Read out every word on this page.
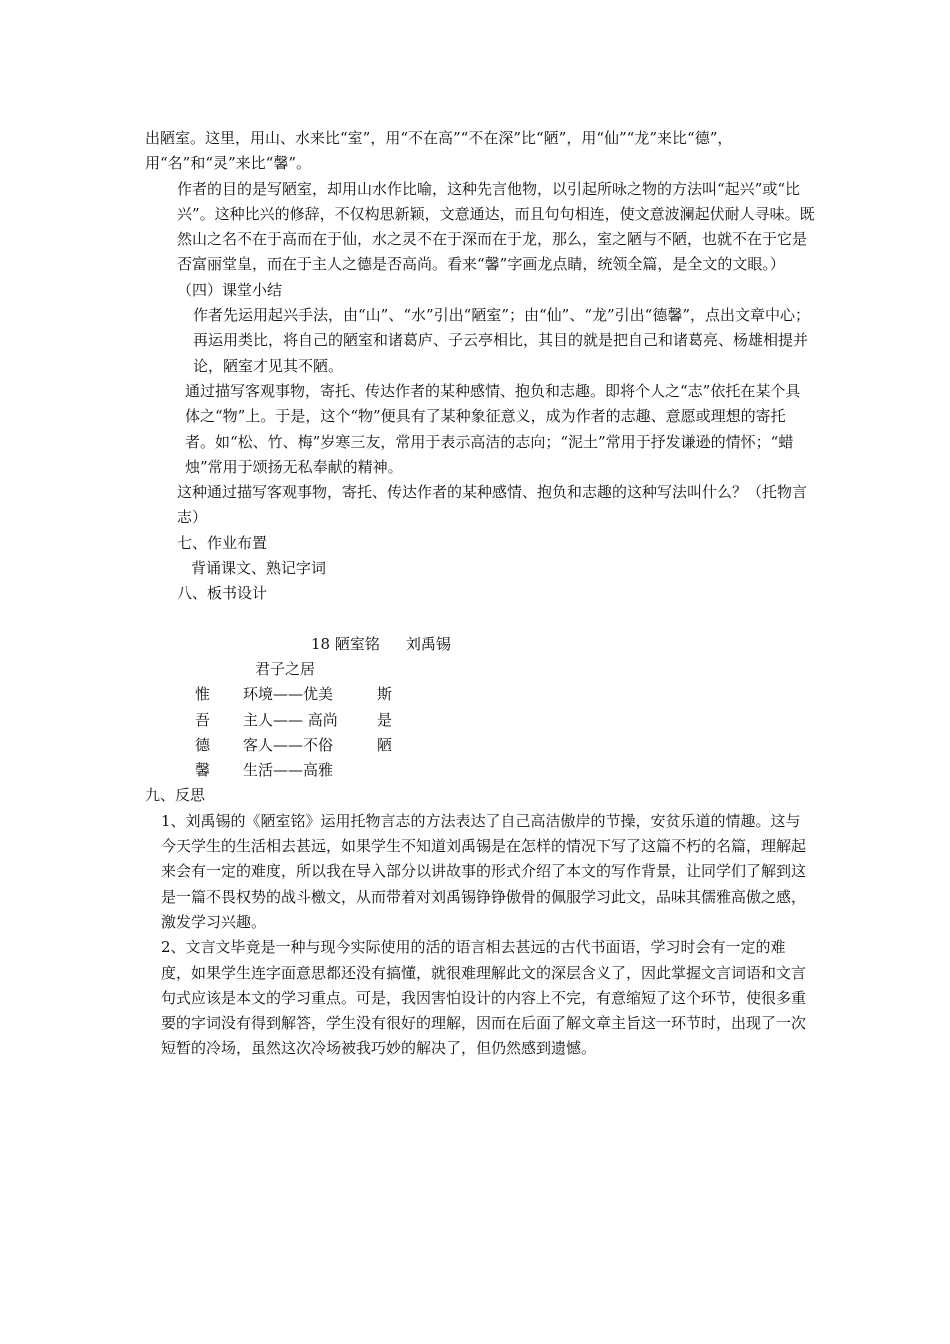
出陋室。这里，用山、水来比“室”，用“不在高”“不在深”比“陋”，用“仙”“龙”来比“德”，用“名”和“灵”来比“馨”。

作者的目的是写陋室，却用山水作比喻，这种先言他物，以引起所咏之物的方法叫“起兴”或“比兴”。这种比兴的修辞，不仅构思新颖，文意通达，而且句句相连，使文意波澜起伏耐人寻味。既然山之名不在于高而在于仙，水之灵不在于深而在于龙，那么，室之陋与不陋，也就不在于它是否富丽堂皇，而在于主人之德是否高尚。看来“馨”字画龙点睛，统领全篇，是全文的文眼。）

（四）课堂小结

作者先运用起兴手法，由“山”、“水”引出“陋室”；由“仙”、“龙”引出“德馨”，点出文章中心；再运用类比，将自己的陋室和诸葛庐、子云亭相比，其目的就是把自己和诸葛亮、杨雄相提并论，陋室才见其不陋。

通过描写客观事物，寄托、传达作者的某种感情、抱负和志趣。即将个人之“志”依托在某个具体之“物”上。于是，这个“物”便具有了某种象征意义，成为作者的志趣、意愿或理想的寄托者。如“松、竹、梅”岁寒三友，常用于表示高洁的志向；“泥土”常用于抒发谦逊的情怀；“蜡烛”常用于颂扬无私奉献的精神。

这种通过描写客观事物，寄托、传达作者的某种感情、抱负和志趣的这种写法叫什么？（托物言志）

七、作业布置

背诵课文、熟记字词

八、板书设计

18 陋室铭 刘禹锡

君子之居

惟	环境——优美	斯
吾	主人—— 高尚	是
德	客人——不俗	陋
馨	生活——高雅

九、反思

1、刘禹锡的《陋室铭》运用托物言志的方法表达了自己高洁傲岸的节操，安贫乐道的情趣。这与今天学生的生活相去甚远，如果学生不知道刘禹锡是在怎样的情况下写了这篇不朽的名篇，理解起来会有一定的难度，所以我在导入部分以讲故事的形式介绍了本文的写作背景，让同学们了解到这是一篇不畏权势的战斗檄文，从而带着对刘禹锡铮铮傲骨的佩服学习此文，品味其儒雅高傲之感，激发学习兴趣。

2、文言文毕竟是一种与现今实际使用的活的语言相去甚远的古代书面语，学习时会有一定的难度，如果学生连字面意思都还没有搞懂，就很难理解此文的深层含义了，因此掌握文言词语和文言句式应该是本文的学习重点。可是，我因害怕设计的内容上不完，有意缩短了这个环节，使很多重要的字词没有得到解答，学生没有很好的理解，因而在后面了解文章主旨这一环节时，出现了一次短暂的冷场，虽然这次冷场被我巧妙的解决了，但仍然感到遗憾。
